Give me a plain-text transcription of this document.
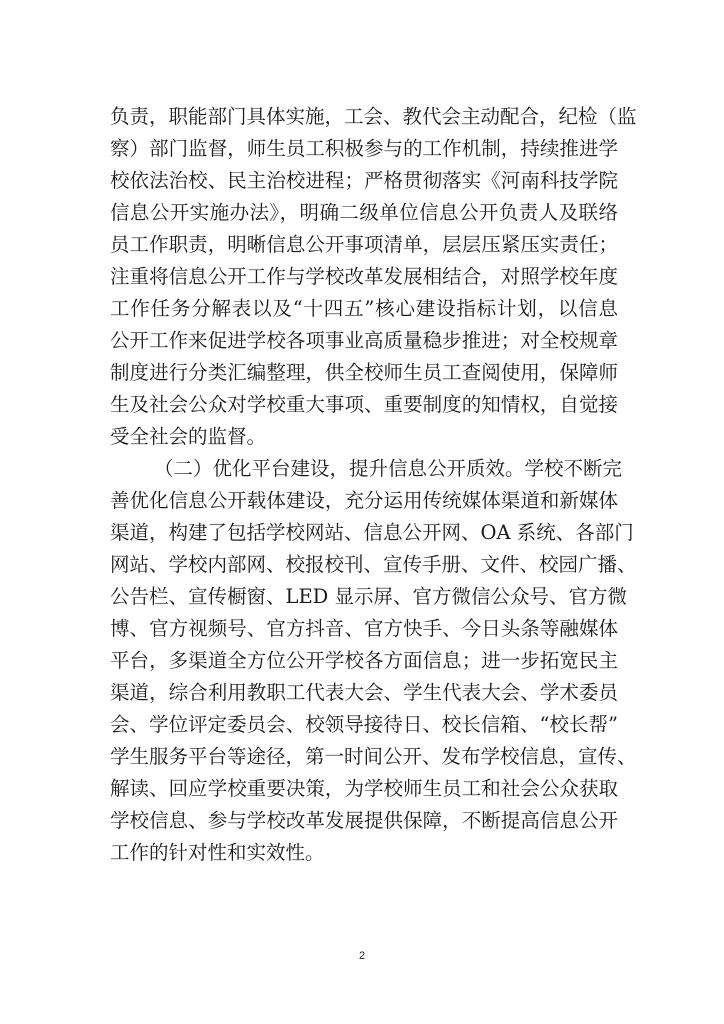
负责，职能部门具体实施，工会、教代会主动配合，纪检（监
察）部门监督，师生员工积极参与的工作机制，持续推进学
校依法治校、民主治校进程；严格贯彻落实《河南科技学院
信息公开实施办法》，明确二级单位信息公开负责人及联络
员工作职责，明晰信息公开事项清单，层层压紧压实责任；
注重将信息公开工作与学校改革发展相结合，对照学校年度
工作任务分解表以及“十四五”核心建设指标计划，以信息
公开工作来促进学校各项事业高质量稳步推进；对全校规章
制度进行分类汇编整理，供全校师生员工查阅使用，保障师
生及社会公众对学校重大事项、重要制度的知情权，自觉接
受全社会的监督。
（二）优化平台建设，提升信息公开质效。学校不断完
善优化信息公开载体建设，充分运用传统媒体渠道和新媒体
渠道，构建了包括学校网站、信息公开网、OA 系统、各部门
网站、学校内部网、校报校刊、宣传手册、文件、校园广播、
公告栏、宣传橱窗、LED 显示屏、官方微信公众号、官方微
博、官方视频号、官方抖音、官方快手、今日头条等融媒体
平台，多渠道全方位公开学校各方面信息；进一步拓宽民主
渠道，综合利用教职工代表大会、学生代表大会、学术委员
会、学位评定委员会、校领导接待日、校长信箱、“校长帮”
学生服务平台等途径，第一时间公开、发布学校信息，宣传、
解读、回应学校重要决策，为学校师生员工和社会公众获取
学校信息、参与学校改革发展提供保障，不断提高信息公开
工作的针对性和实效性。
2
